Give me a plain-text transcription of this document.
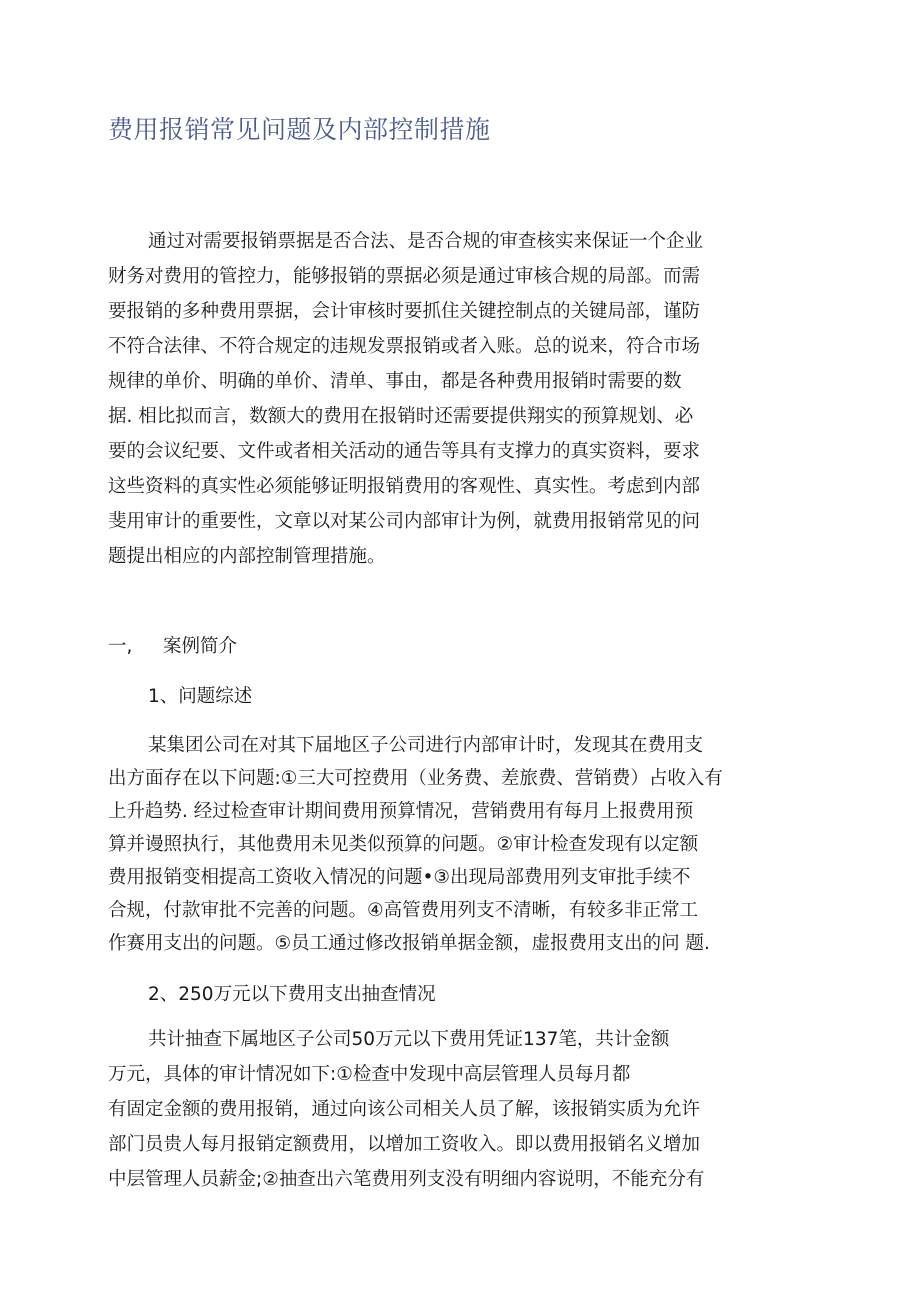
费用报销常见问题及内部控制措施
通过对需要报销票据是否合法、是否合规的审查核实来保证一个企业
财务对费用的管控力，能够报销的票据必须是通过审核合规的局部。而需
要报销的多种费用票据，会计审核时要抓住关键控制点的关键局部，谨防
不符合法律、不符合规定的违规发票报销或者入账。总的说来，符合市场
规律的单价、明确的单价、清单、事由，都是各种费用报销时需要的数
据. 相比拟而言，数额大的费用在报销时还需要提供翔实的预算规划、必
要的会议纪要、文件或者相关活动的通告等具有支撑力的真实资料，要求
这些资料的真实性必须能够证明报销费用的客观性、真实性。考虑到内部
斐用审计的重要性，文章以对某公司内部审计为例，就费用报销常见的问
题提出相应的内部控制管理措施。
一, 案例简介
1、问题综述
某集团公司在对其下届地区子公司进行内部审计时，发现其在费用支
出方面存在以下问题:①三大可控费用（业务费、差旅费、营销费）占收入有
上升趋势. 经过检查审计期间费用预算情况，营销费用有每月上报费用预
算并谩照执行，其他费用未见类似预算的问题。②审计检查发现有以定额
费用报销变相提高工资收入情况的问题•③出现局部费用列支审批手续不
合规，付款审批不完善的问题。④高管费用列支不清晰，有较多非正常工
作赛用支出的问题。⑤员工通过修改报销单据金额，虚报费用支出的问 题.
2、250万元以下费用支出抽查情况
共计抽查下属地区子公司50万元以下费用凭证137笔，共计金额
万元，具体的审计情况如下:①检查中发现中高层管理人员每月都
有固定金额的费用报销，通过向该公司相关人员了解，该报销实质为允许
部门员贵人每月报销定额费用，以增加工资收入。即以费用报销名义增加
中层管理人员薪金;②抽查出六笔费用列支没有明细内容说明，不能充分有
